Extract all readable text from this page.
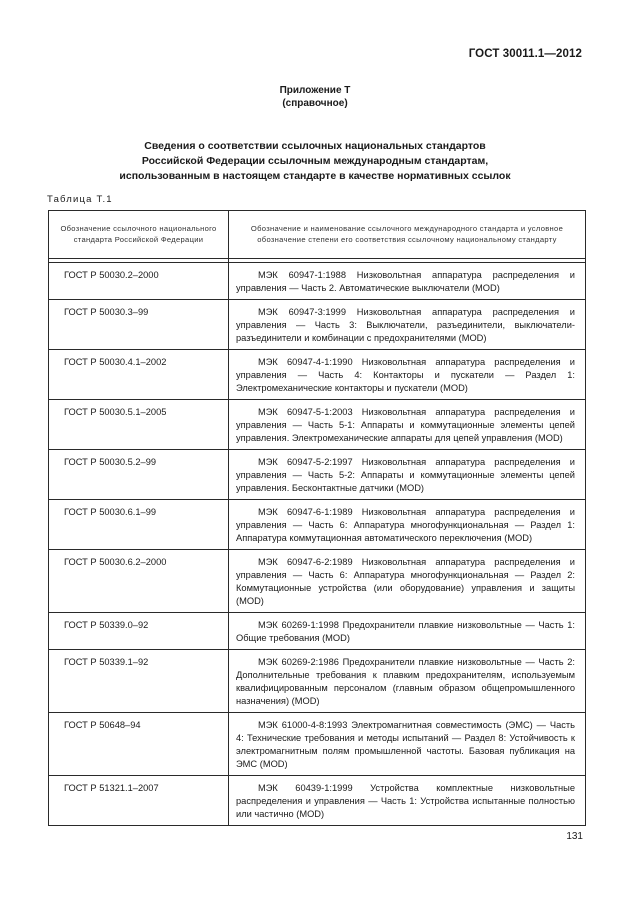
ГОСТ 30011.1—2012
Приложение Т
(справочное)
Сведения о соответствии ссылочных национальных стандартов
Российской Федерации ссылочным международным стандартам,
использованным в настоящем стандарте в качестве нормативных ссылок
Таблица Т.1
Обозначение ссылочного национального стандарта Российской Федерации	Обозначение и наименование ссылочного международного стандарта и условное обозначение степени его соответствия ссылочному национальному стандарту

ГОСТ Р 50030.2–2000	МЭК 60947-1:1988 Низковольтная аппаратура распределения и управления — Часть 2. Автоматические выключатели (MOD)
ГОСТ Р 50030.3–99	МЭК 60947-3:1999 Низковольтная аппаратура распределения и управления — Часть 3: Выключатели, разъединители, выключатели-разъединители и комбинации с предохранителями (MOD)
ГОСТ Р 50030.4.1–2002	МЭК 60947-4-1:1990 Низковольтная аппаратура распределения и управления — Часть 4: Контакторы и пускатели — Раздел 1: Электромеханические контакторы и пускатели (MOD)
ГОСТ Р 50030.5.1–2005	МЭК 60947-5-1:2003 Низковольтная аппаратура распределения и управления — Часть 5-1: Аппараты и коммутационные элементы цепей управления. Электромеханические аппараты для цепей управления (MOD)
ГОСТ Р 50030.5.2–99	МЭК 60947-5-2:1997 Низковольтная аппаратура распределения и управления — Часть 5-2: Аппараты и коммутационные элементы цепей управления. Бесконтактные датчики (MOD)
ГОСТ Р 50030.6.1–99	МЭК 60947-6-1:1989 Низковольтная аппаратура распределения и управления — Часть 6: Аппаратура многофункциональная — Раздел 1: Аппаратура коммутационная автоматического переключения (MOD)
ГОСТ Р 50030.6.2–2000	МЭК 60947-6-2:1989 Низковольтная аппаратура распределения и управления — Часть 6: Аппаратура многофункциональная — Раздел 2: Коммутационные устройства (или оборудование) управления и защиты (MOD)
ГОСТ Р 50339.0–92	МЭК 60269-1:1998 Предохранители плавкие низковольтные — Часть 1: Общие требования (MOD)
ГОСТ Р 50339.1–92	МЭК 60269-2:1986 Предохранители плавкие низковольтные — Часть 2: Дополнительные требования к плавким предохранителям, используемым квалифицированным персоналом (главным образом общепромышленного назначения) (MOD)
ГОСТ Р 50648–94	МЭК 61000-4-8:1993 Электромагнитная совместимость (ЭМС) — Часть 4: Технические требования и методы испытаний — Раздел 8: Устойчивость к электромагнитным полям промышленной частоты. Базовая публикация на ЭМС (MOD)
ГОСТ Р 51321.1–2007	МЭК 60439-1:1999 Устройства комплектные низковольтные распределения и управления — Часть 1: Устройства испытанные полностью или частично (MOD)
131
